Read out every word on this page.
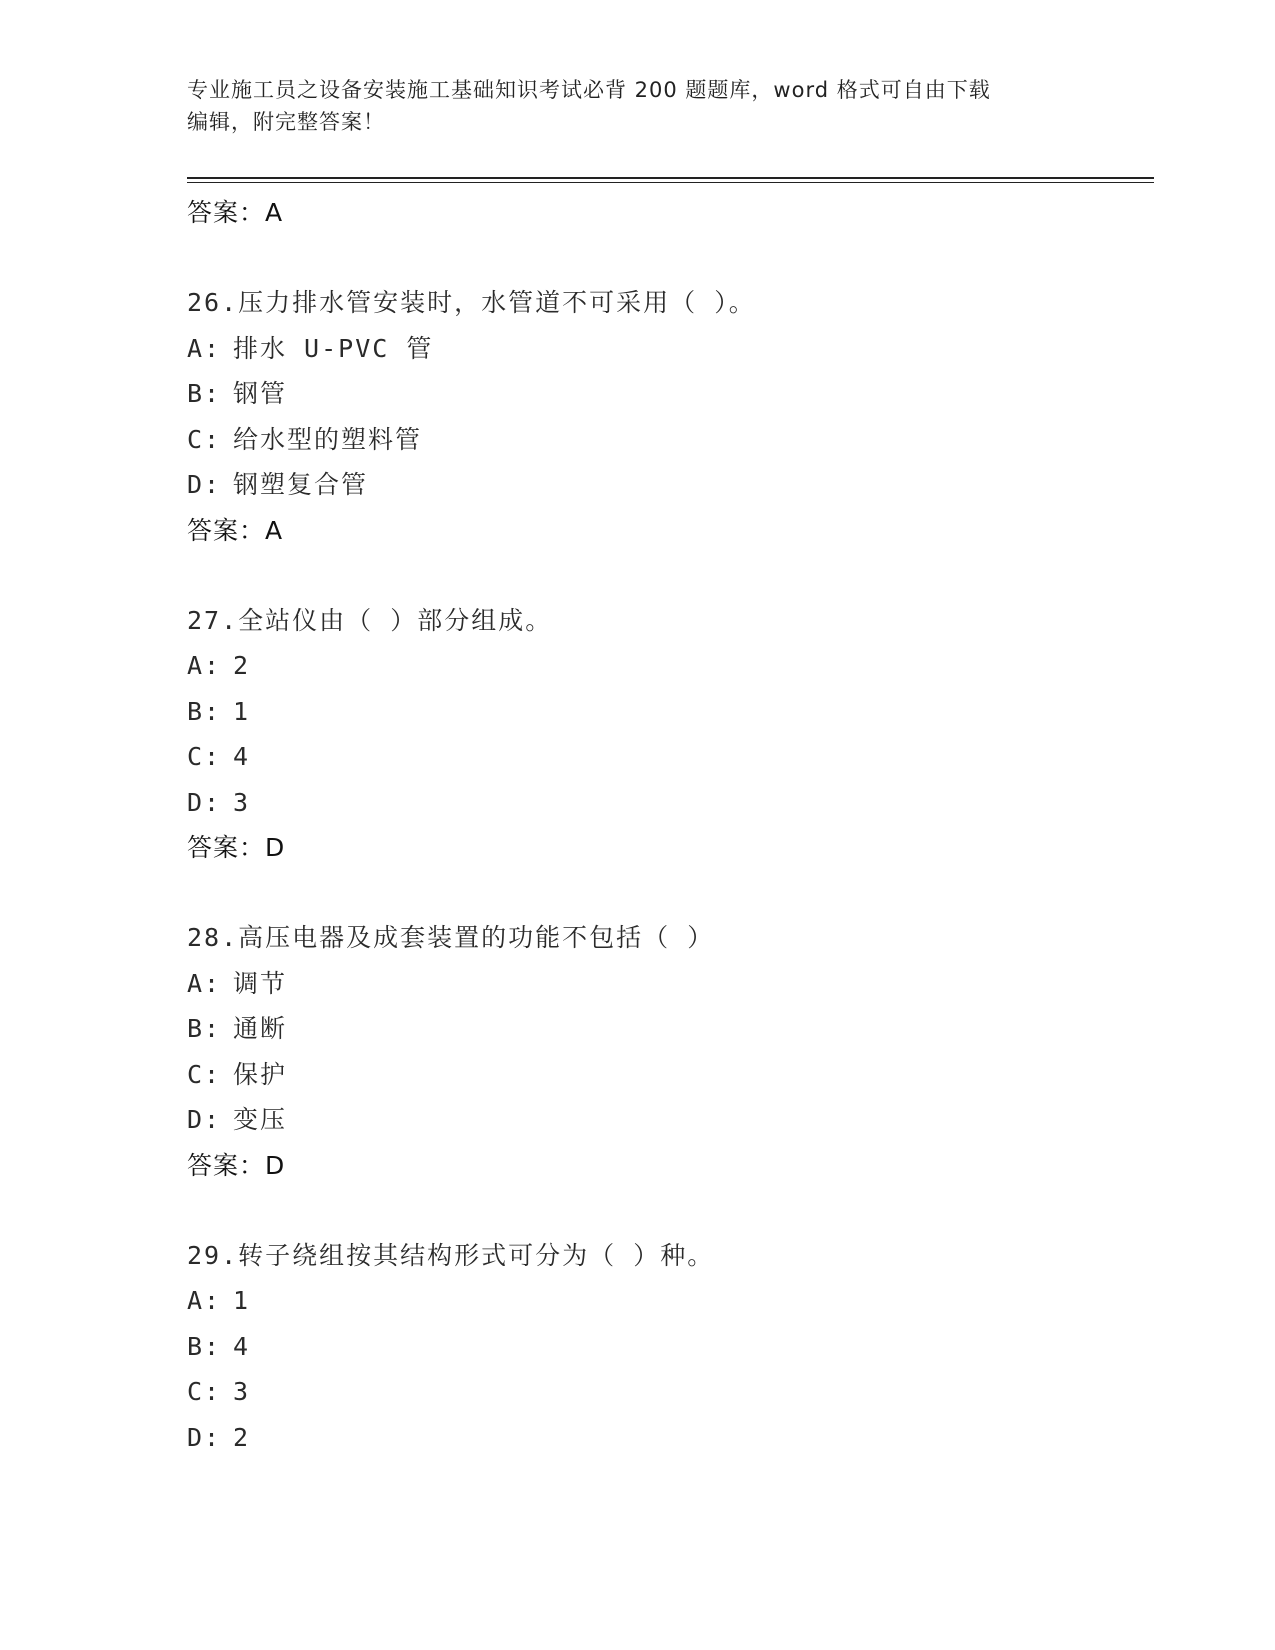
专业施工员之设备安装施工基础知识考试必背 200 题题库，word 格式可自由下载
编辑，附完整答案！
答案：A
26.压力排水管安装时，水管道不可采用（ ）。
A: 排水 U-PVC 管
B: 钢管
C: 给水型的塑料管
D: 钢塑复合管
答案：A
27.全站仪由（ ）部分组成。
A: 2
B: 1
C: 4
D: 3
答案：D
28.高压电器及成套装置的功能不包括（ ）
A: 调节
B: 通断
C: 保护
D: 变压
答案：D
29.转子绕组按其结构形式可分为（ ）种。
A: 1
B: 4
C: 3
D: 2
